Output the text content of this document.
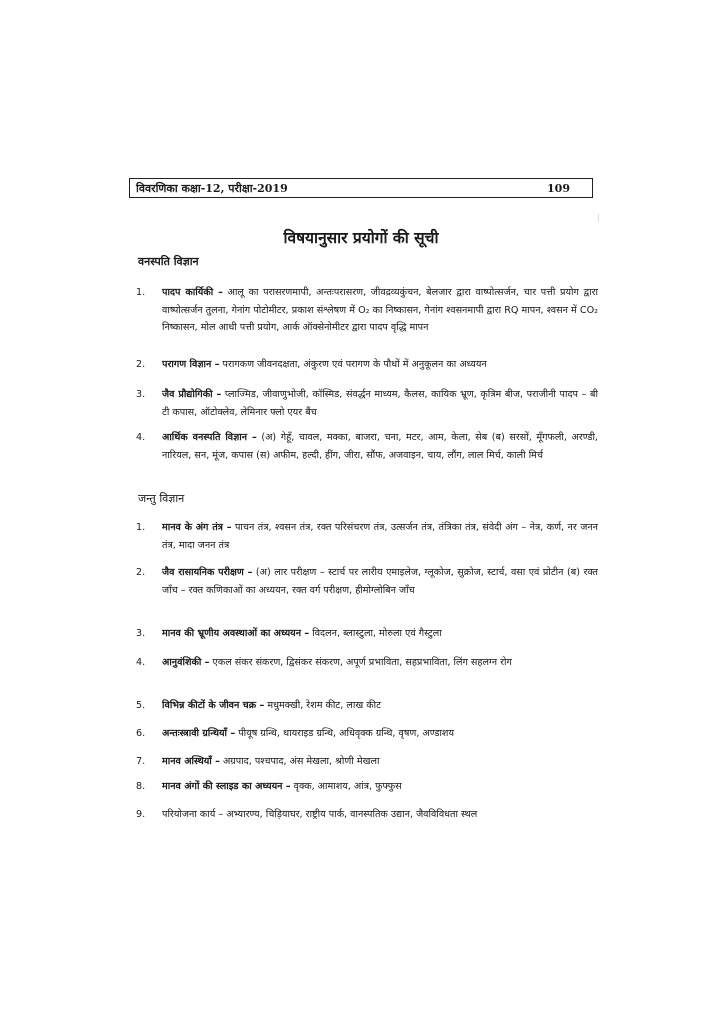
विवरणिका कक्षा-12, परीक्षा-2019	109
विषयानुसार प्रयोगों की सूची
वनस्पति विज्ञान
1.	पादप कार्यिकी – आलू का परासरणमापी, अन्तःपरासरण, जीवद्रव्यकुंचन, बेलजार द्वारा वाष्पोत्सर्जन, चार पत्ती प्रयोग द्वारा वाष्पोत्सर्जन तुलना, गेनांग पोटोमीटर, प्रकाश संश्लेषण में O₂ का निष्कासन, गेनांग श्वसनमापी द्वारा RQ मापन, श्वसन में CO₂ निष्कासन, मोल आधी पत्ती प्रयोग, आर्क ऑक्सेनोमीटर द्वारा पादप वृद्धि मापन
2.	परागण विज्ञान – परागकण जीवनदक्षता, अंकुरण एवं परागण के पौधों में अनुकूलन का अध्ययन
3.	जैव प्रौद्योगिकी – प्लाज्मिड, जीवाणुभोजी, कॉस्मिड, संवर्द्धन माध्यम, कैलस, कायिक भ्रूण, कृत्रिम बीज, पराजीनी पादप – बी टी कपास, ऑटोक्लेव, लेमिनार फ्लो एयर बैंच
4.	आर्थिक वनस्पति विज्ञान – (अ) गेहूँ, चावल, मक्का, बाजरा, चना, मटर, आम, केला, सेब (ब) सरसों, मूँगफली, अरण्डी, नारियल, सन, मूंज, कपास (स) अफीम, हल्दी, हींग, जीरा, सौंफ, अजवाइन, चाय, लौंग, लाल मिर्च, काली मिर्च
जन्तु विज्ञान
1.	मानव के अंग तंत्र – पाचन तंत्र, श्वसन तंत्र, रक्त परिसंचरण तंत्र, उत्सर्जन तंत्र, तंत्रिका तंत्र, संवेदी अंग – नेत्र, कर्ण, नर जनन तंत्र, मादा जनन तंत्र
2.	जैव रासायनिक परीक्षण – (अ) लार परीक्षण – स्टार्च पर लारीय एमाइलेज, ग्लूकोज, सुक्रोज, स्टार्च, वसा एवं प्रोटीन (ब) रक्त जाँच – रक्त कणिकाओं का अध्ययन, रक्त वर्ग परीक्षण, हीमोग्लोबिन जाँच
3.	मानव की भ्रूणीय अवस्थाओं का अध्ययन – विदलन, ब्लास्टुला, मोरुला एवं गैस्टुला
4.	आनुवंशिकी – एकल संकर संकरण, द्विसंकर संकरण, अपूर्ण प्रभाविता, सहप्रभाविता, लिंग सहलग्न रोग
5.	विभिन्न कीटों के जीवन चक्र – मधुमक्खी, रेशम कीट, लाख कीट
6.	अन्तःस्त्रावी ग्रन्थियाँ – पीयूष ग्रन्थि, थायराइड ग्रन्थि, अधिवृक्क ग्रन्थि, वृषण, अण्डाशय
7.	मानव अस्थियाँ – अग्रपाद, पश्चपाद, अंस मेखला, श्रोणी मेखला
8.	मानव अंगों की स्लाइड का अध्ययन – वृक्क, आमाशय, आंत्र, फुफ्फुस
9.	परियोजना कार्य – अभ्यारण्य, चिड़ियाघर, राष्ट्रीय पार्क, वानस्पतिक उद्यान, जैवविविधता स्थल
